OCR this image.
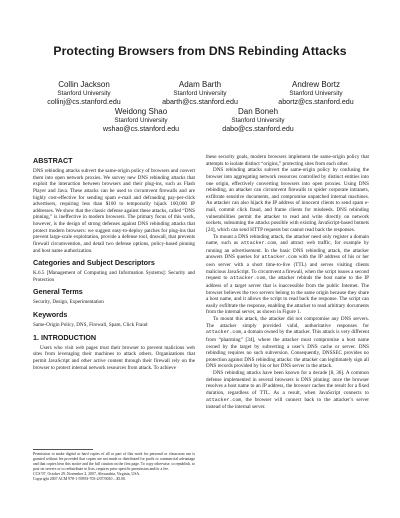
Protecting Browsers from DNS Rebinding Attacks
Collin Jackson
Stanford University
collinj@cs.stanford.edu
Adam Barth
Stanford University
abarth@cs.stanford.edu
Andrew Bortz
Stanford University
abortz@cs.stanford.edu
Weidong Shao
Stanford University
wshao@cs.stanford.edu
Dan Boneh
Stanford University
dabo@cs.stanford.edu
ABSTRACT

DNS rebinding attacks subvert the same-origin policy of browsers and convert them into open network proxies. We survey new DNS rebinding attacks that exploit the interaction between browsers and their plug-ins, such as Flash Player and Java. These attacks can be used to circumvent firewalls and are highly cost-effective for sending spam e-mail and defrauding pay-per-click advertisers, requiring less than $100 to temporarily hijack 100,000 IP addresses. We show that the classic defense against these attacks, called “DNS pinning,” is ineffective in modern browsers. The primary focus of this work, however, is the design of strong defenses against DNS rebinding attacks that protect modern browsers: we suggest easy-to-deploy patches for plug-ins that prevent large-scale exploitation, provide a defense tool, dnswall, that prevents firewall circumvention, and detail two defense options, policy-based pinning and host name authorization.

Categories and Subject Descriptors

K.6.5 [Management of Computing and Information Systems]: Security and Protection

General Terms

Security, Design, Experimentation

Keywords

Same-Origin Policy, DNS, Firewall, Spam, Click Fraud

1. INTRODUCTION

Users who visit web pages trust their browser to prevent malicious web sites from leveraging their machines to attack others. Organizations that permit JavaScript and other active content through their firewall rely on the browser to protect internal network resources from attack. To achieve

Permission to make digital or hard copies of all or part of this work for personal or classroom use is granted without fee provided that copies are not made or distributed for profit or commercial advantage and that copies bear this notice and the full citation on the first page. To copy otherwise, to republish, to post on servers or to redistribute to lists, requires prior specific permission and/or a fee.
CCS’07, October 29–November 2, 2007, Alexandria, Virginia, USA.
Copyright 2007 ACM 978-1-59593-703-2/07/0010 ...$5.00.

these security goals, modern browsers implement the same-origin policy that attempts to isolate distinct “origins,” protecting sites from each other.

DNS rebinding attacks subvert the same-origin policy by confusing the browser into aggregating network resources controlled by distinct entities into one origin, effectively converting browsers into open proxies. Using DNS rebinding, an attacker can circumvent firewalls to spider corporate intranets, exfiltrate sensitive documents, and compromise unpatched internal machines. An attacker can also hijack the IP address of innocent clients to send spam e-mail, commit click fraud, and frame clients for misdeeds. DNS rebinding vulnerabilities permit the attacker to read and write directly on network sockets, subsuming the attacks possible with existing JavaScript-based botnets [24], which can send HTTP requests but cannot read back the responses.

To mount a DNS rebinding attack, the attacker need only register a domain name, such as attacker.com, and attract web traffic, for example by running an advertisement. In the basic DNS rebinding attack, the attacker answers DNS queries for attacker.com with the IP address of his or her own server with a short time-to-live (TTL) and serves visiting clients malicious JavaScript. To circumvent a firewall, when the script issues a second request to attacker.com, the attacker rebinds the host name to the IP address of a target server that is inaccessible from the public Internet. The browser believes the two servers belong to the same origin because they share a host name, and it allows the script to read back the response. The script can easily exfiltrate the response, enabling the attacker to read arbitrary documents from the internal server, as shown in Figure 1.

To mount this attack, the attacker did not compromise any DNS servers. The attacker simply provided valid, authoritative responses for attacker.com, a domain owned by the attacker. This attack is very different from “pharming” [34], where the attacker must compromise a host name owned by the target by subverting a user’s DNS cache or server. DNS rebinding requires no such subversion. Consequently, DNSSEC provides no protection against DNS rebinding attacks: the attacker can legitimately sign all DNS records provided by his or her DNS server in the attack.

DNS rebinding attacks have been known for a decade [8, 36]. A common defense implemented in several browsers is DNS pinning: once the browser resolves a host name to an IP address, the browser caches the result for a fixed duration, regardless of TTL. As a result, when JavaScript connects to attacker.com, the browser will connect back to the attacker’s server instead of the internal server.
